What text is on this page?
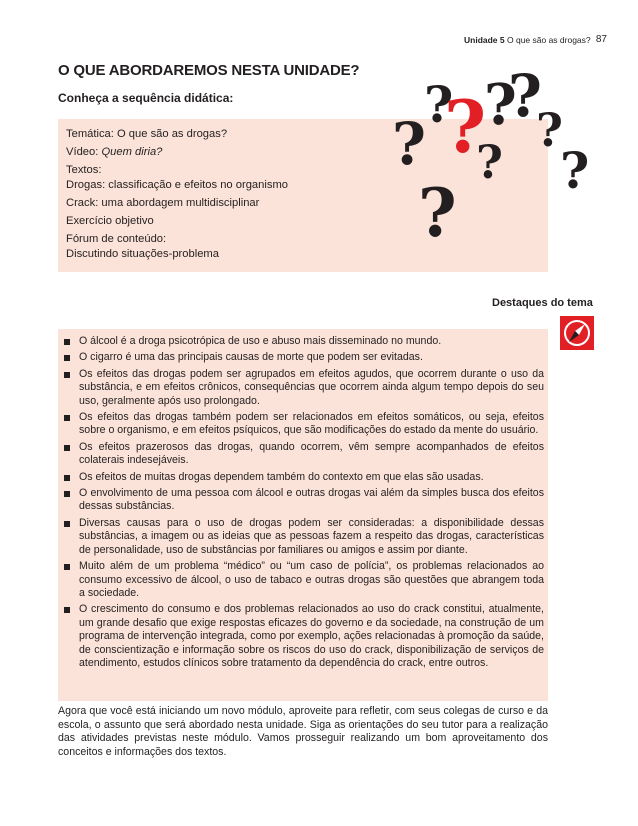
Unidade 5 O que são as drogas? 87
O QUE ABORDAREMOS NESTA UNIDADE?
Conheça a sequência didática:
Temática: O que são as drogas?
Vídeo: Quem diria?
Textos:
Drogas: classificação e efeitos no organismo
Crack: uma abordagem multidisciplinar
Exercício objetivo
Fórum de conteúdo:
Discutindo situações-problema
?
?
?
?
?
?
?
?
?
Destaques do tema
O álcool é a droga psicotrópica de uso e abuso mais disseminado no mundo.
O cigarro é uma das principais causas de morte que podem ser evitadas.
Os efeitos das drogas podem ser agrupados em efeitos agudos, que ocorrem durante o uso da substância, e em efeitos crônicos, consequências que ocorrem ainda algum tempo depois do seu uso, geralmente após uso prolongado.
Os efeitos das drogas também podem ser relacionados em efeitos somáticos, ou seja, efeitos sobre o organismo, e em efeitos psíquicos, que são modificações do estado da mente do usuário.
Os efeitos prazerosos das drogas, quando ocorrem, vêm sempre acompanhados de efeitos colaterais indesejáveis.
Os efeitos de muitas drogas dependem também do contexto em que elas são usadas.
O envolvimento de uma pessoa com álcool e outras drogas vai além da simples busca dos efeitos dessas substâncias.
Diversas causas para o uso de drogas podem ser consideradas: a disponibilidade dessas substâncias, a imagem ou as ideias que as pessoas fazem a respeito das drogas, características de personalidade, uso de substâncias por familiares ou amigos e assim por diante.
Muito além de um problema “médico” ou “um caso de polícia”, os problemas relacionados ao consumo excessivo de álcool, o uso de tabaco e outras drogas são questões que abrangem toda a sociedade.
O crescimento do consumo e dos problemas relacionados ao uso do crack constitui, atualmente, um grande desafio que exige respostas eficazes do governo e da sociedade, na construção de um programa de intervenção integrada, como por exemplo, ações relacionadas à promoção da saúde, de conscientização e informação sobre os riscos do uso do crack, disponibilização de serviços de atendimento, estudos clínicos sobre tratamento da dependência do crack, entre outros.

Agora que você está iniciando um novo módulo, aproveite para refletir, com seus colegas de curso e da escola, o assunto que será abordado nesta unidade. Siga as orientações do seu tutor para a realização das atividades previstas neste módulo. Vamos prosseguir realizando um bom aproveitamento dos conceitos e informações dos textos.
